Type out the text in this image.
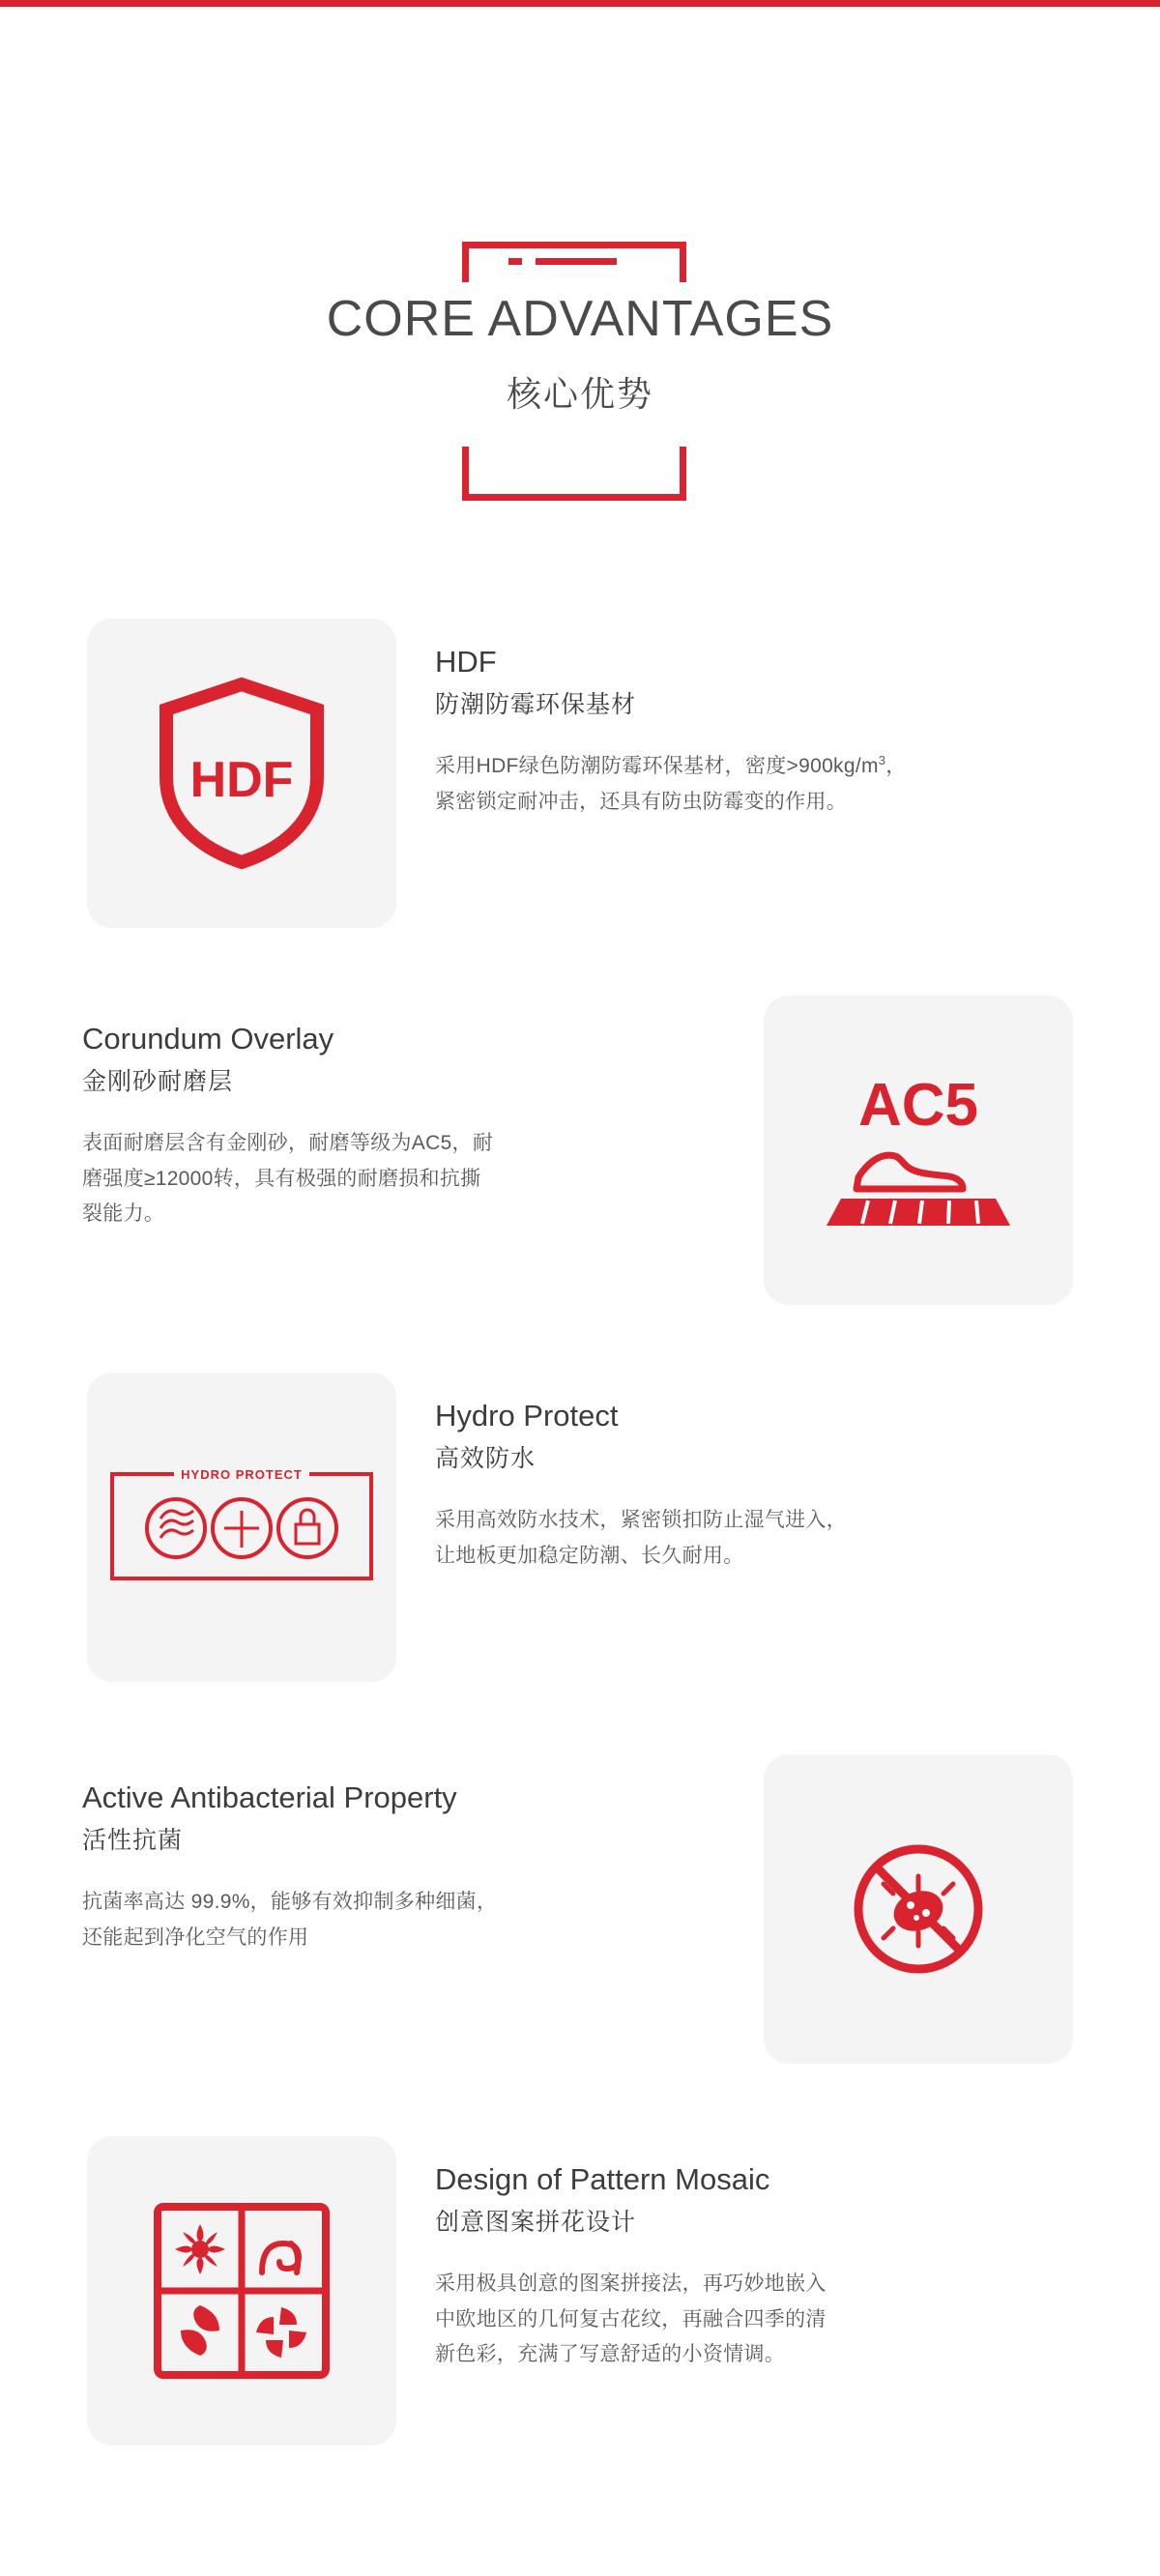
CORE ADVANTAGES
核心优势
HDF
HDF
防潮防霉环保基材
采用HDF绿色防潮防霉环保基材，密度$>900kg/m^3$，
紧密锁定耐冲击，还具有防虫防霉变的作用。
AC5
Corundum Overlay
金刚砂耐磨层
表面耐磨层含有金刚砂，耐磨等级为AC5，耐
磨强度≥12000转，具有极强的耐磨损和抗撕
裂能力。
HYDRO PROTECT
Hydro Protect
高效防水
采用高效防水技术，紧密锁扣防止湿气进入，
让地板更加稳定防潮、长久耐用。
Active Antibacterial Property
活性抗菌
抗菌率高达 99.9%，能够有效抑制多种细菌，
还能起到净化空气的作用
Design of Pattern Mosaic
创意图案拼花设计
采用极具创意的图案拼接法，再巧妙地嵌入
中欧地区的几何复古花纹，再融合四季的清
新色彩，充满了写意舒适的小资情调。
